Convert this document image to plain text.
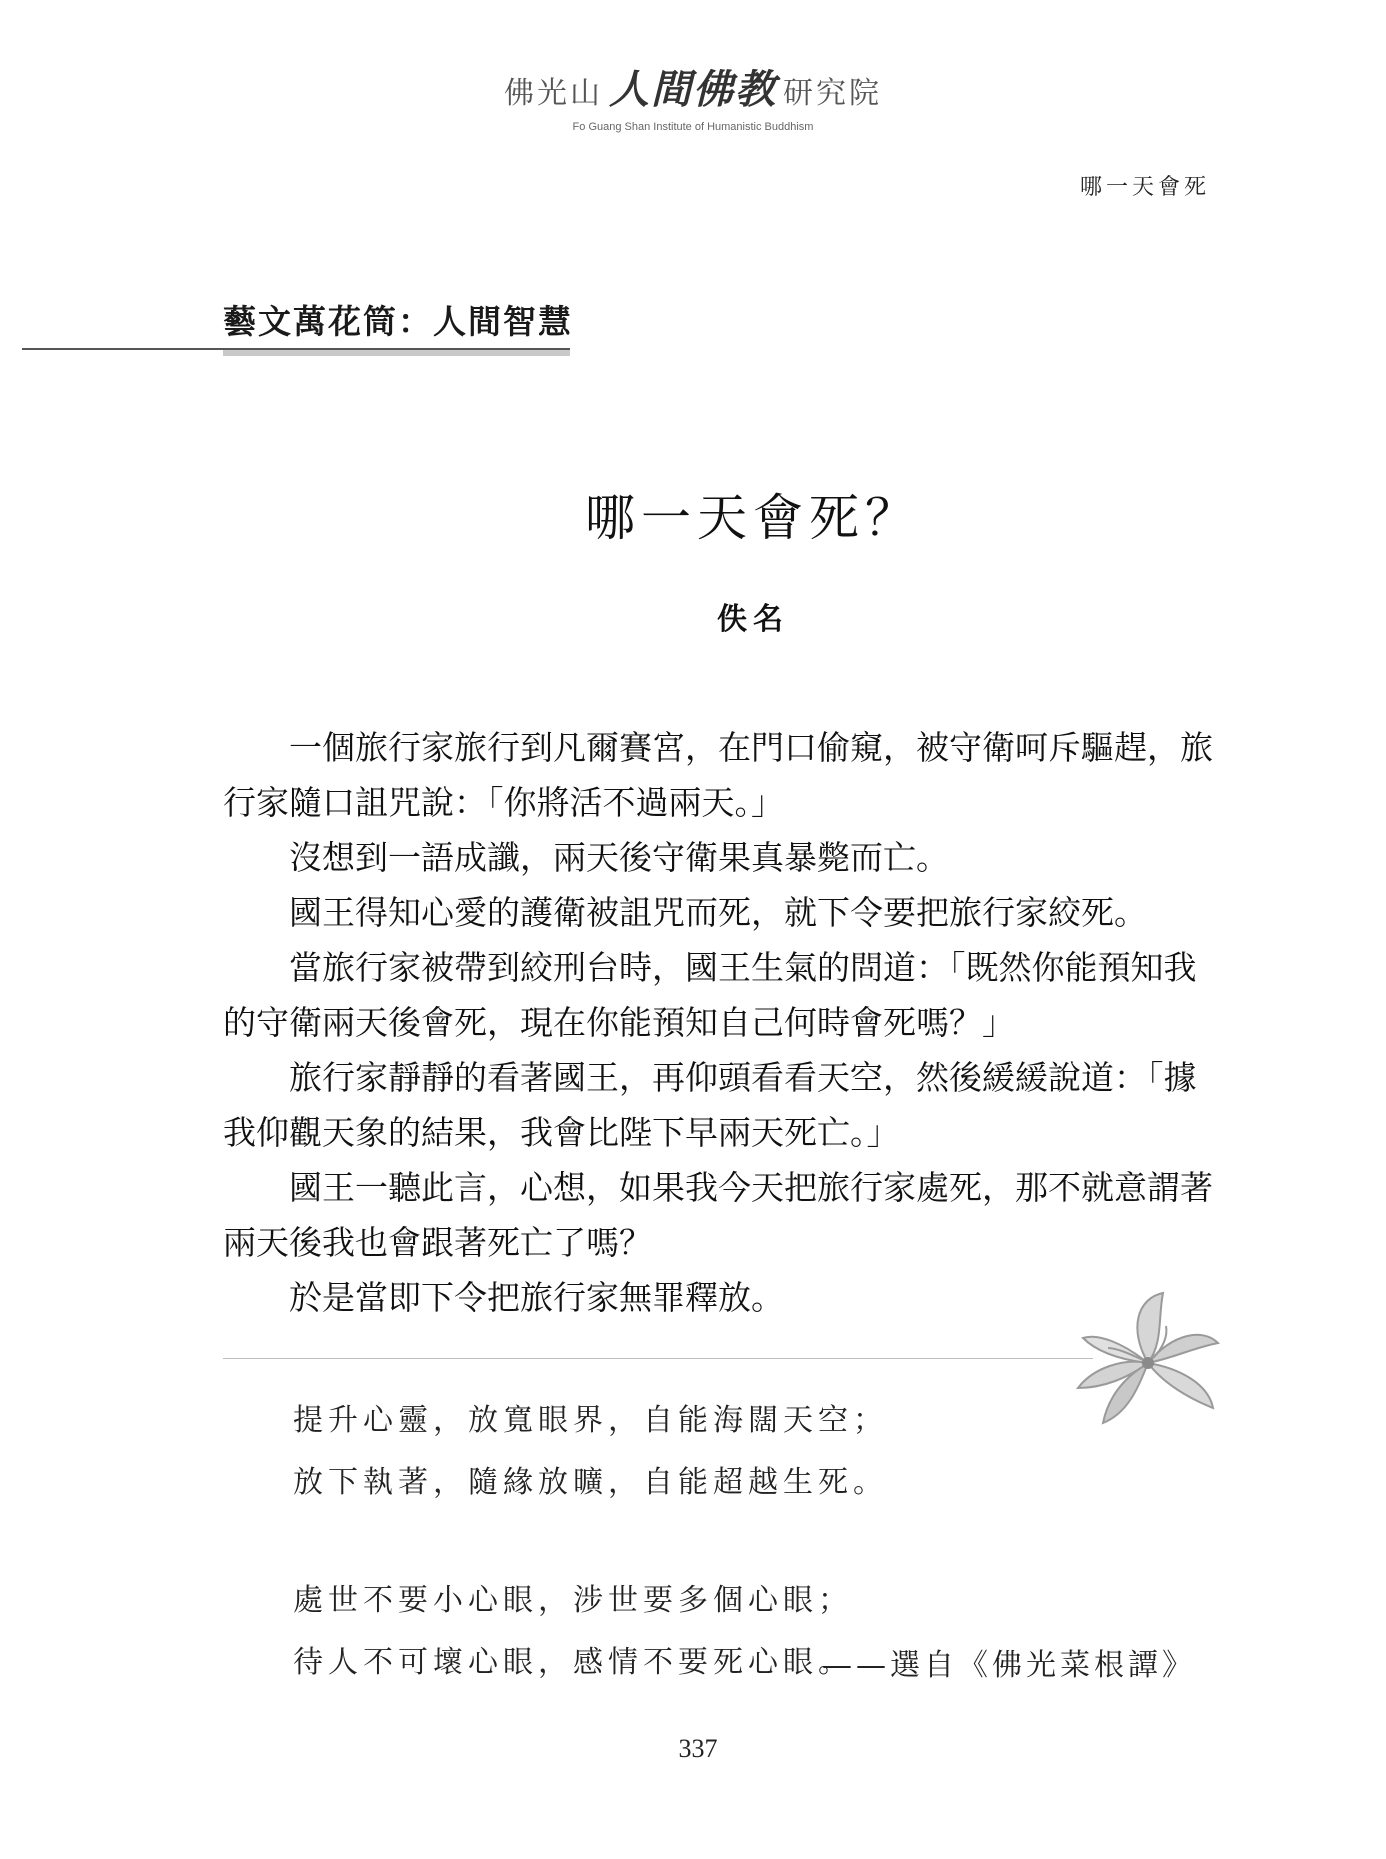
佛光山 人間佛教 研究院
Fo Guang Shan Institute of Humanistic Buddhism
哪一天會死
藝文萬花筒：人間智慧
哪一天會死？
佚名

一個旅行家旅行到凡爾賽宮，在門口偷窺，被守衛呵斥驅趕，旅行家隨口詛咒說：「你將活不過兩天。」

沒想到一語成讖，兩天後守衛果真暴斃而亡。

國王得知心愛的護衛被詛咒而死，就下令要把旅行家絞死。

當旅行家被帶到絞刑台時，國王生氣的問道：「既然你能預知我的守衛兩天後會死，現在你能預知自己何時會死嗎？」

旅行家靜靜的看著國王，再仰頭看看天空，然後緩緩說道：「據我仰觀天象的結果，我會比陛下早兩天死亡。」

國王一聽此言，心想，如果我今天把旅行家處死，那不就意謂著兩天後我也會跟著死亡了嗎？

於是當即下令把旅行家無罪釋放。

提升心靈，放寬眼界，自能海闊天空；
放下執著，隨緣放曠，自能超越生死。
處世不要小心眼，涉世要多個心眼；
待人不可壞心眼，感情不要死心眼。
——選自《佛光菜根譚》
337
